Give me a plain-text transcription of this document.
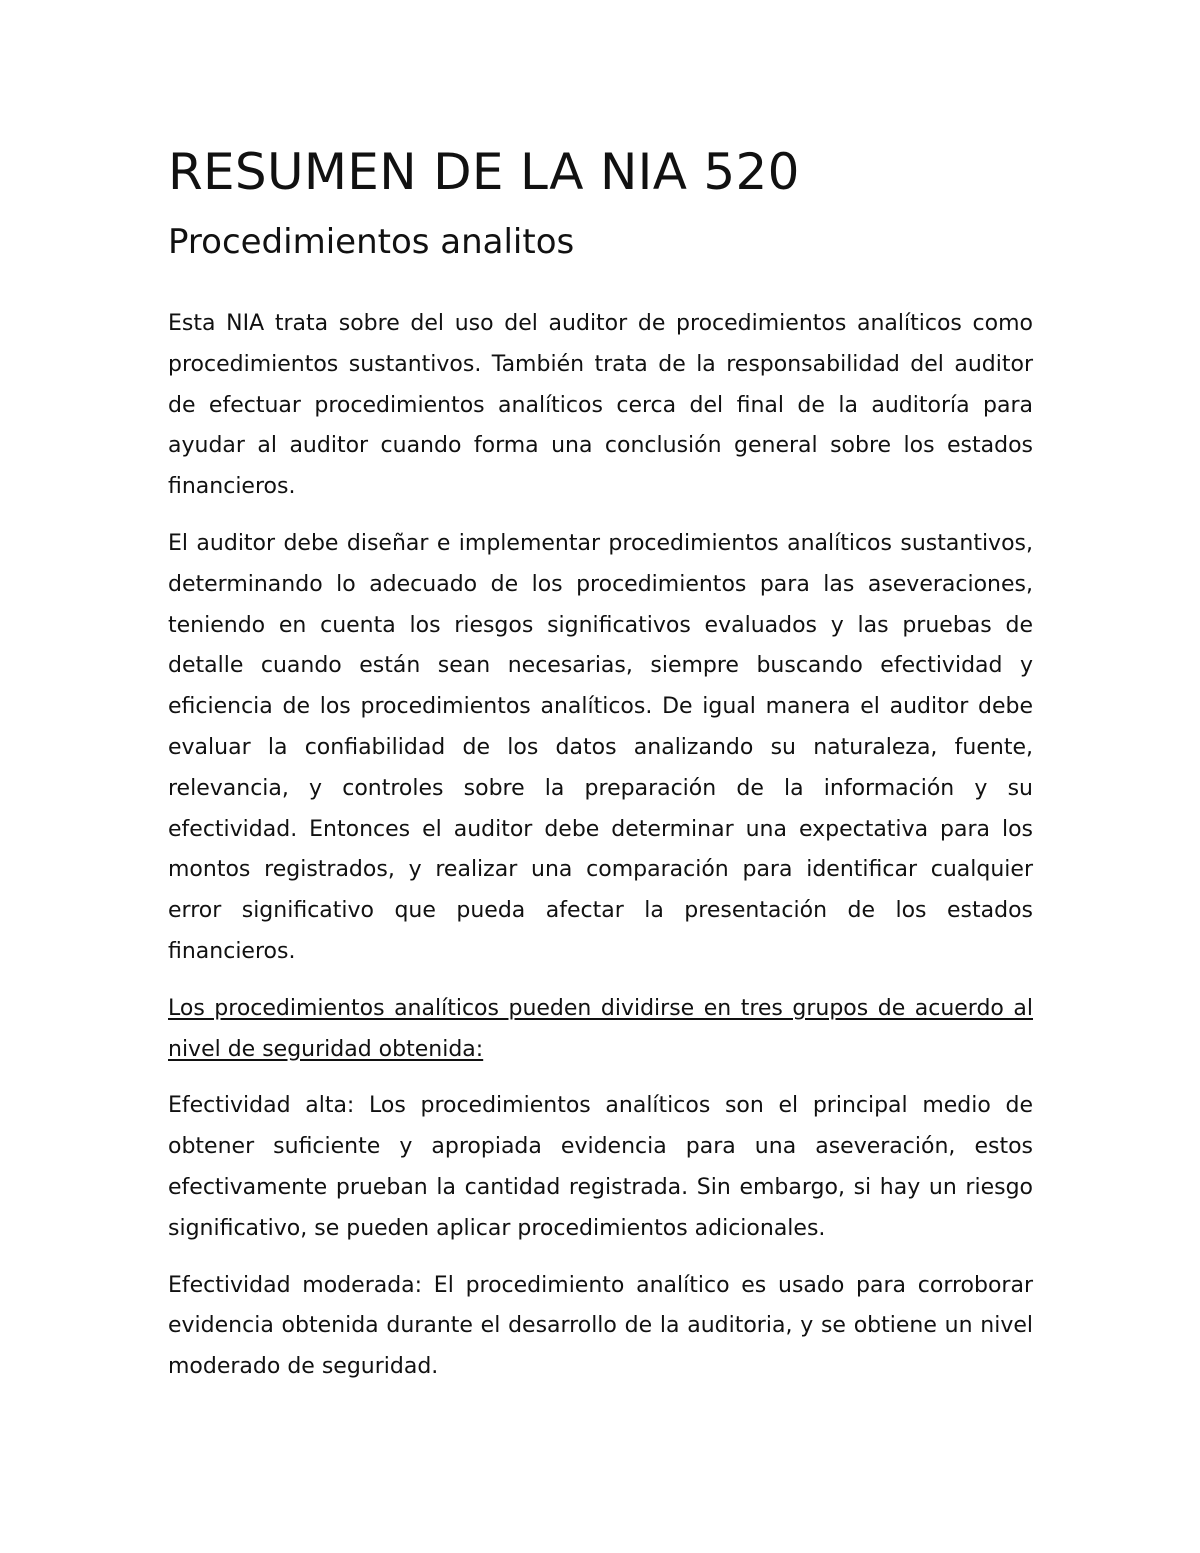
RESUMEN DE LA NIA 520
Procedimientos analitos

Esta NIA trata sobre del uso del auditor de procedimientos analíticos como procedimientos sustantivos. También trata de la responsabilidad del auditor de efectuar procedimientos analíticos cerca del final de la auditoría para ayudar al auditor cuando forma una conclusión general sobre los estados financieros.

El auditor debe diseñar e implementar procedimientos analíticos sustantivos, determinando lo adecuado de los procedimientos para las aseveraciones, teniendo en cuenta los riesgos significativos evaluados y las pruebas de detalle cuando están sean necesarias, siempre buscando efectividad y eficiencia de los procedimientos analíticos. De igual manera el auditor debe evaluar la confiabilidad de los datos analizando su naturaleza, fuente, relevancia, y controles sobre la preparación de la información y su efectividad. Entonces el auditor debe determinar una expectativa para los montos registrados, y realizar una comparación para identificar cualquier error significativo que pueda afectar la presentación de los estados financieros.

Los procedimientos analíticos pueden dividirse en tres grupos de acuerdo al nivel de seguridad obtenida:

Efectividad alta: Los procedimientos analíticos son el principal medio de obtener suficiente y apropiada evidencia para una aseveración, estos efectivamente prueban la cantidad registrada. Sin embargo, si hay un riesgo significativo, se pueden aplicar procedimientos adicionales.

Efectividad moderada: El procedimiento analítico es usado para corroborar evidencia obtenida durante el desarrollo de la auditoria, y se obtiene un nivel moderado de seguridad.
